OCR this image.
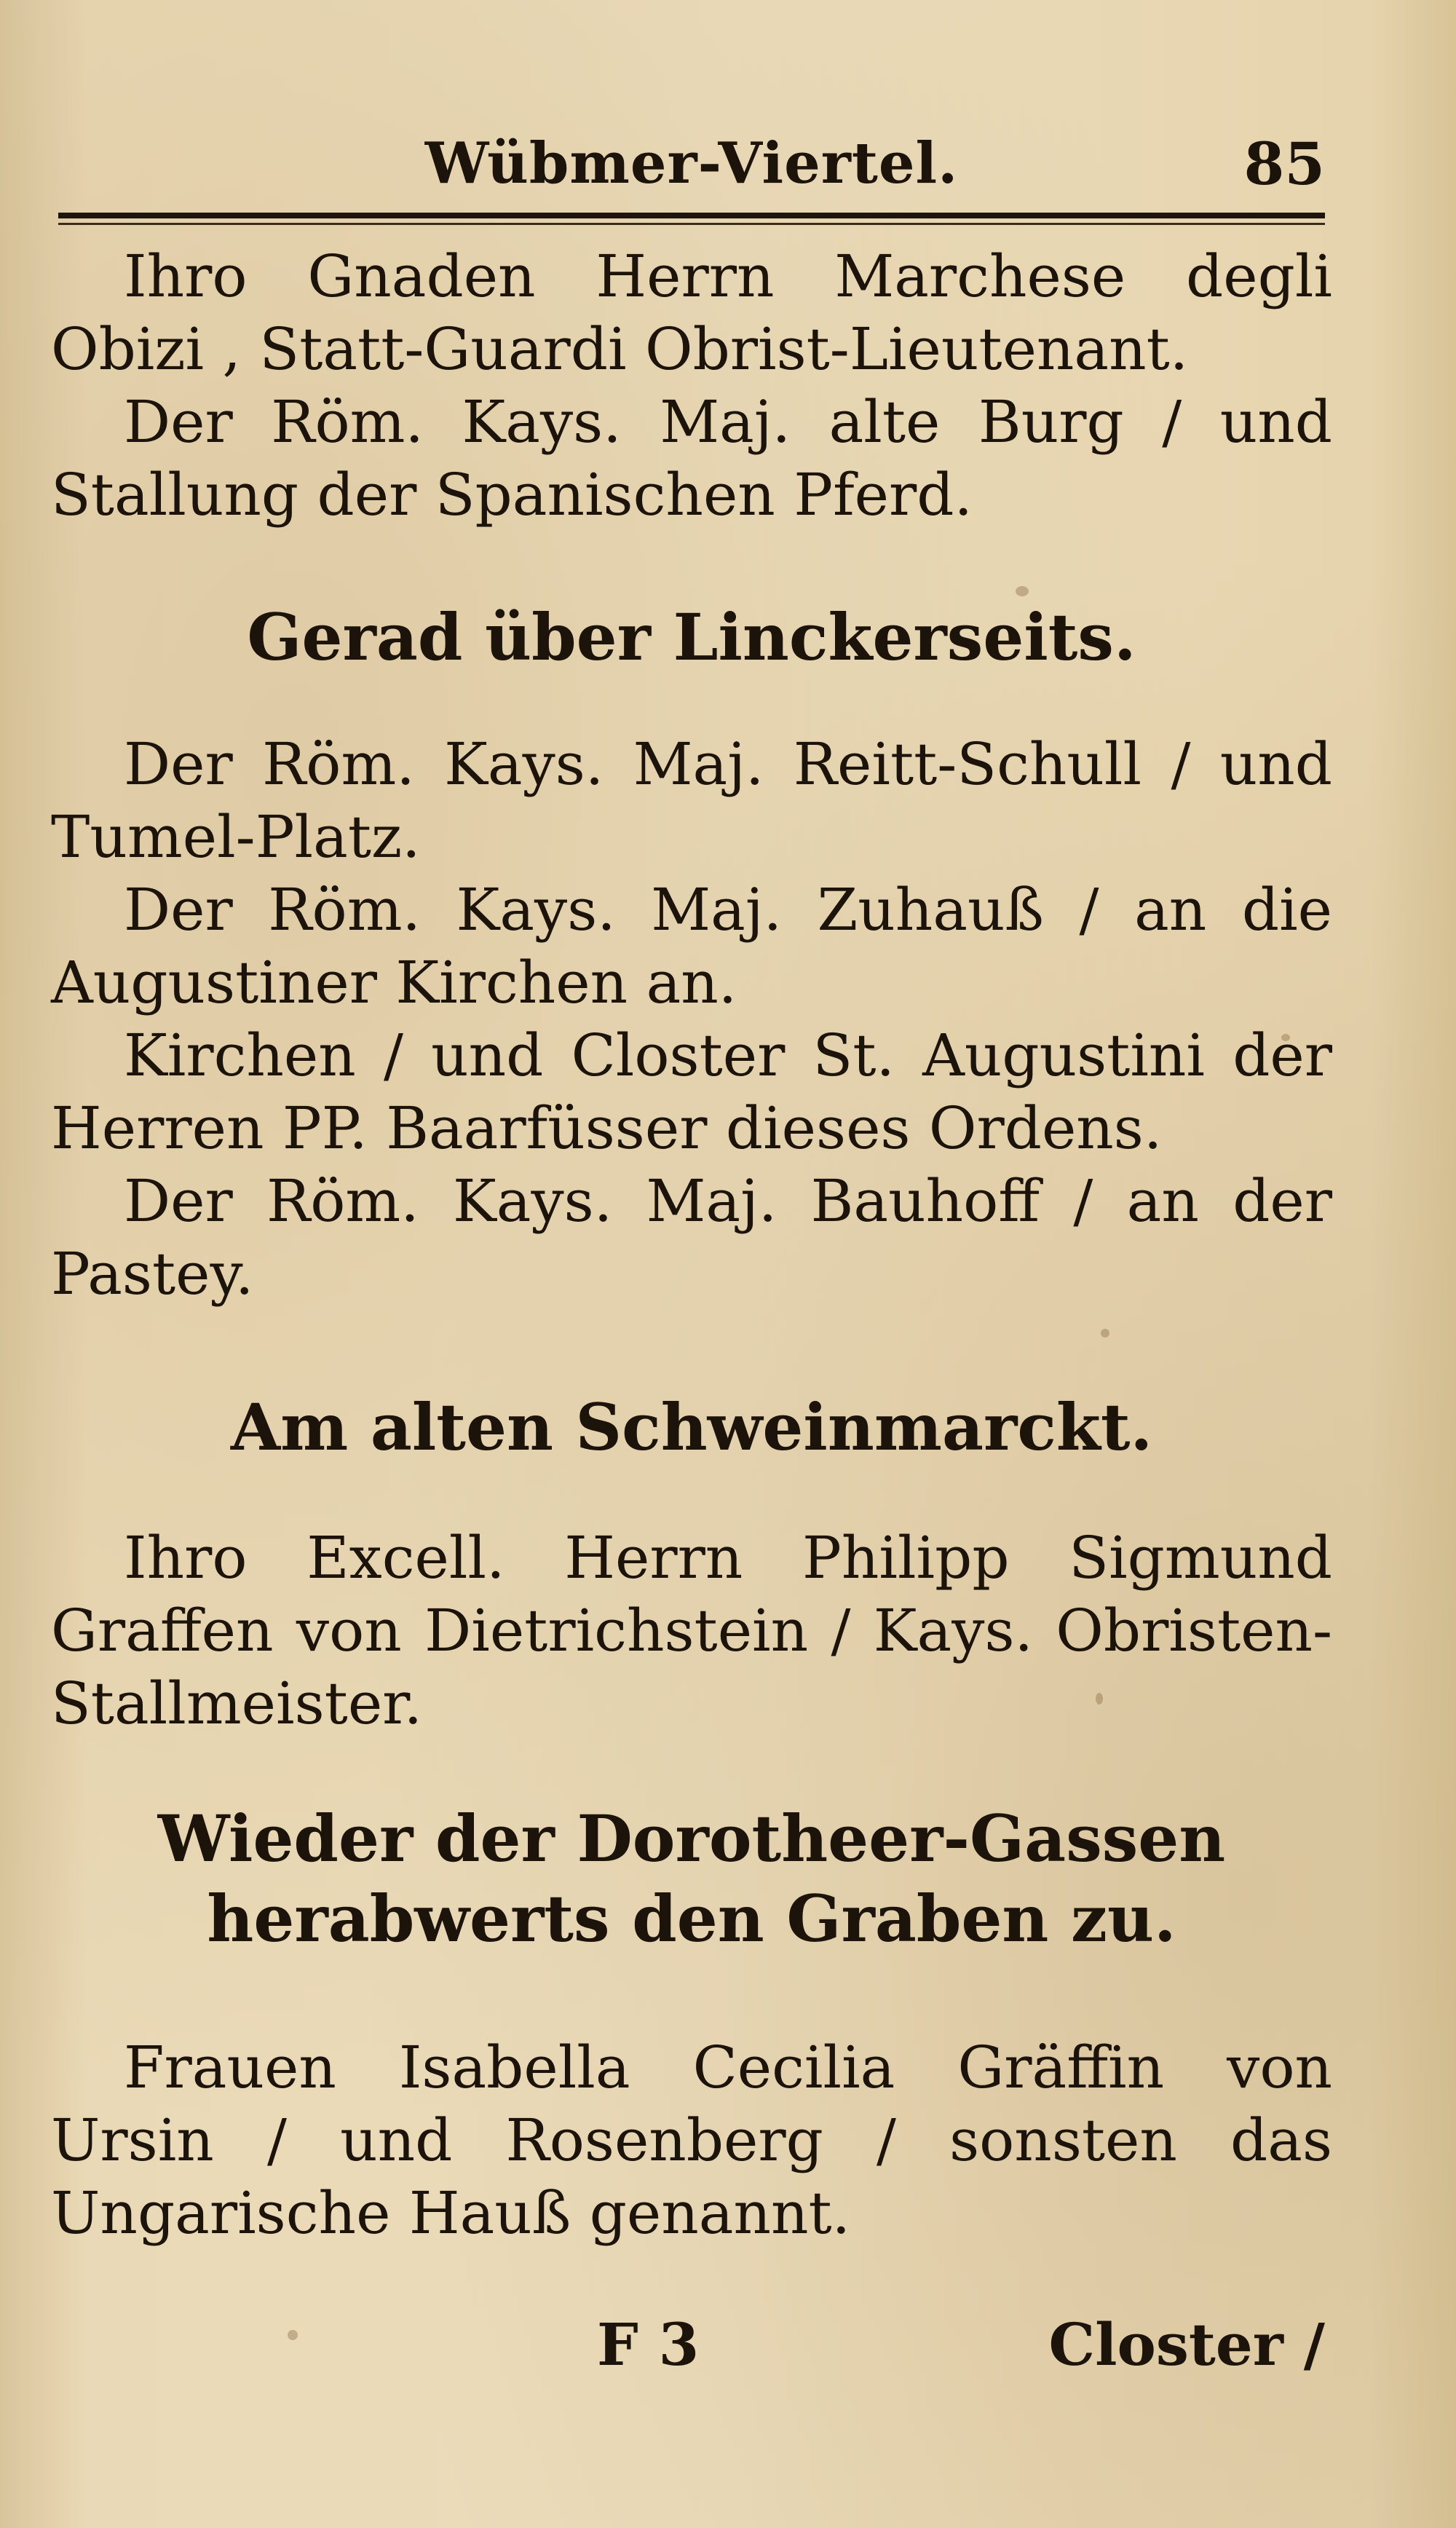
Wübmer-Viertel.	85

Ihro Gnaden Herrn Marchese degli Obizi , Statt-Guardi Obrist-Lieutenant.

Der Röm. Kays. Maj. alte Burg / und Stallung der Spanischen Pferd.

Gerad über Linckerseits.

Der Röm. Kays. Maj. Reitt-Schull / und Tumel-Platz.

Der Röm. Kays. Maj. Zuhauß / an die Augustiner Kirchen an.

Kirchen / und Closter St. Augustini der Herren PP. Baarfüsser dieses Ordens.

Der Röm. Kays. Maj. Bauhoff / an der Pastey.

Am alten Schweinmarckt.

Ihro Excell. Herrn Philipp Sigmund Graffen von Dietrichstein / Kays. Obristen-Stallmeister.

Wieder der Dorotheer-Gassen herabwerts den Graben zu.

Frauen Isabella Cecilia Gräffin von Ursin / und Rosenberg / sonsten das Ungarische Hauß genannt.

F 3	Closter /
